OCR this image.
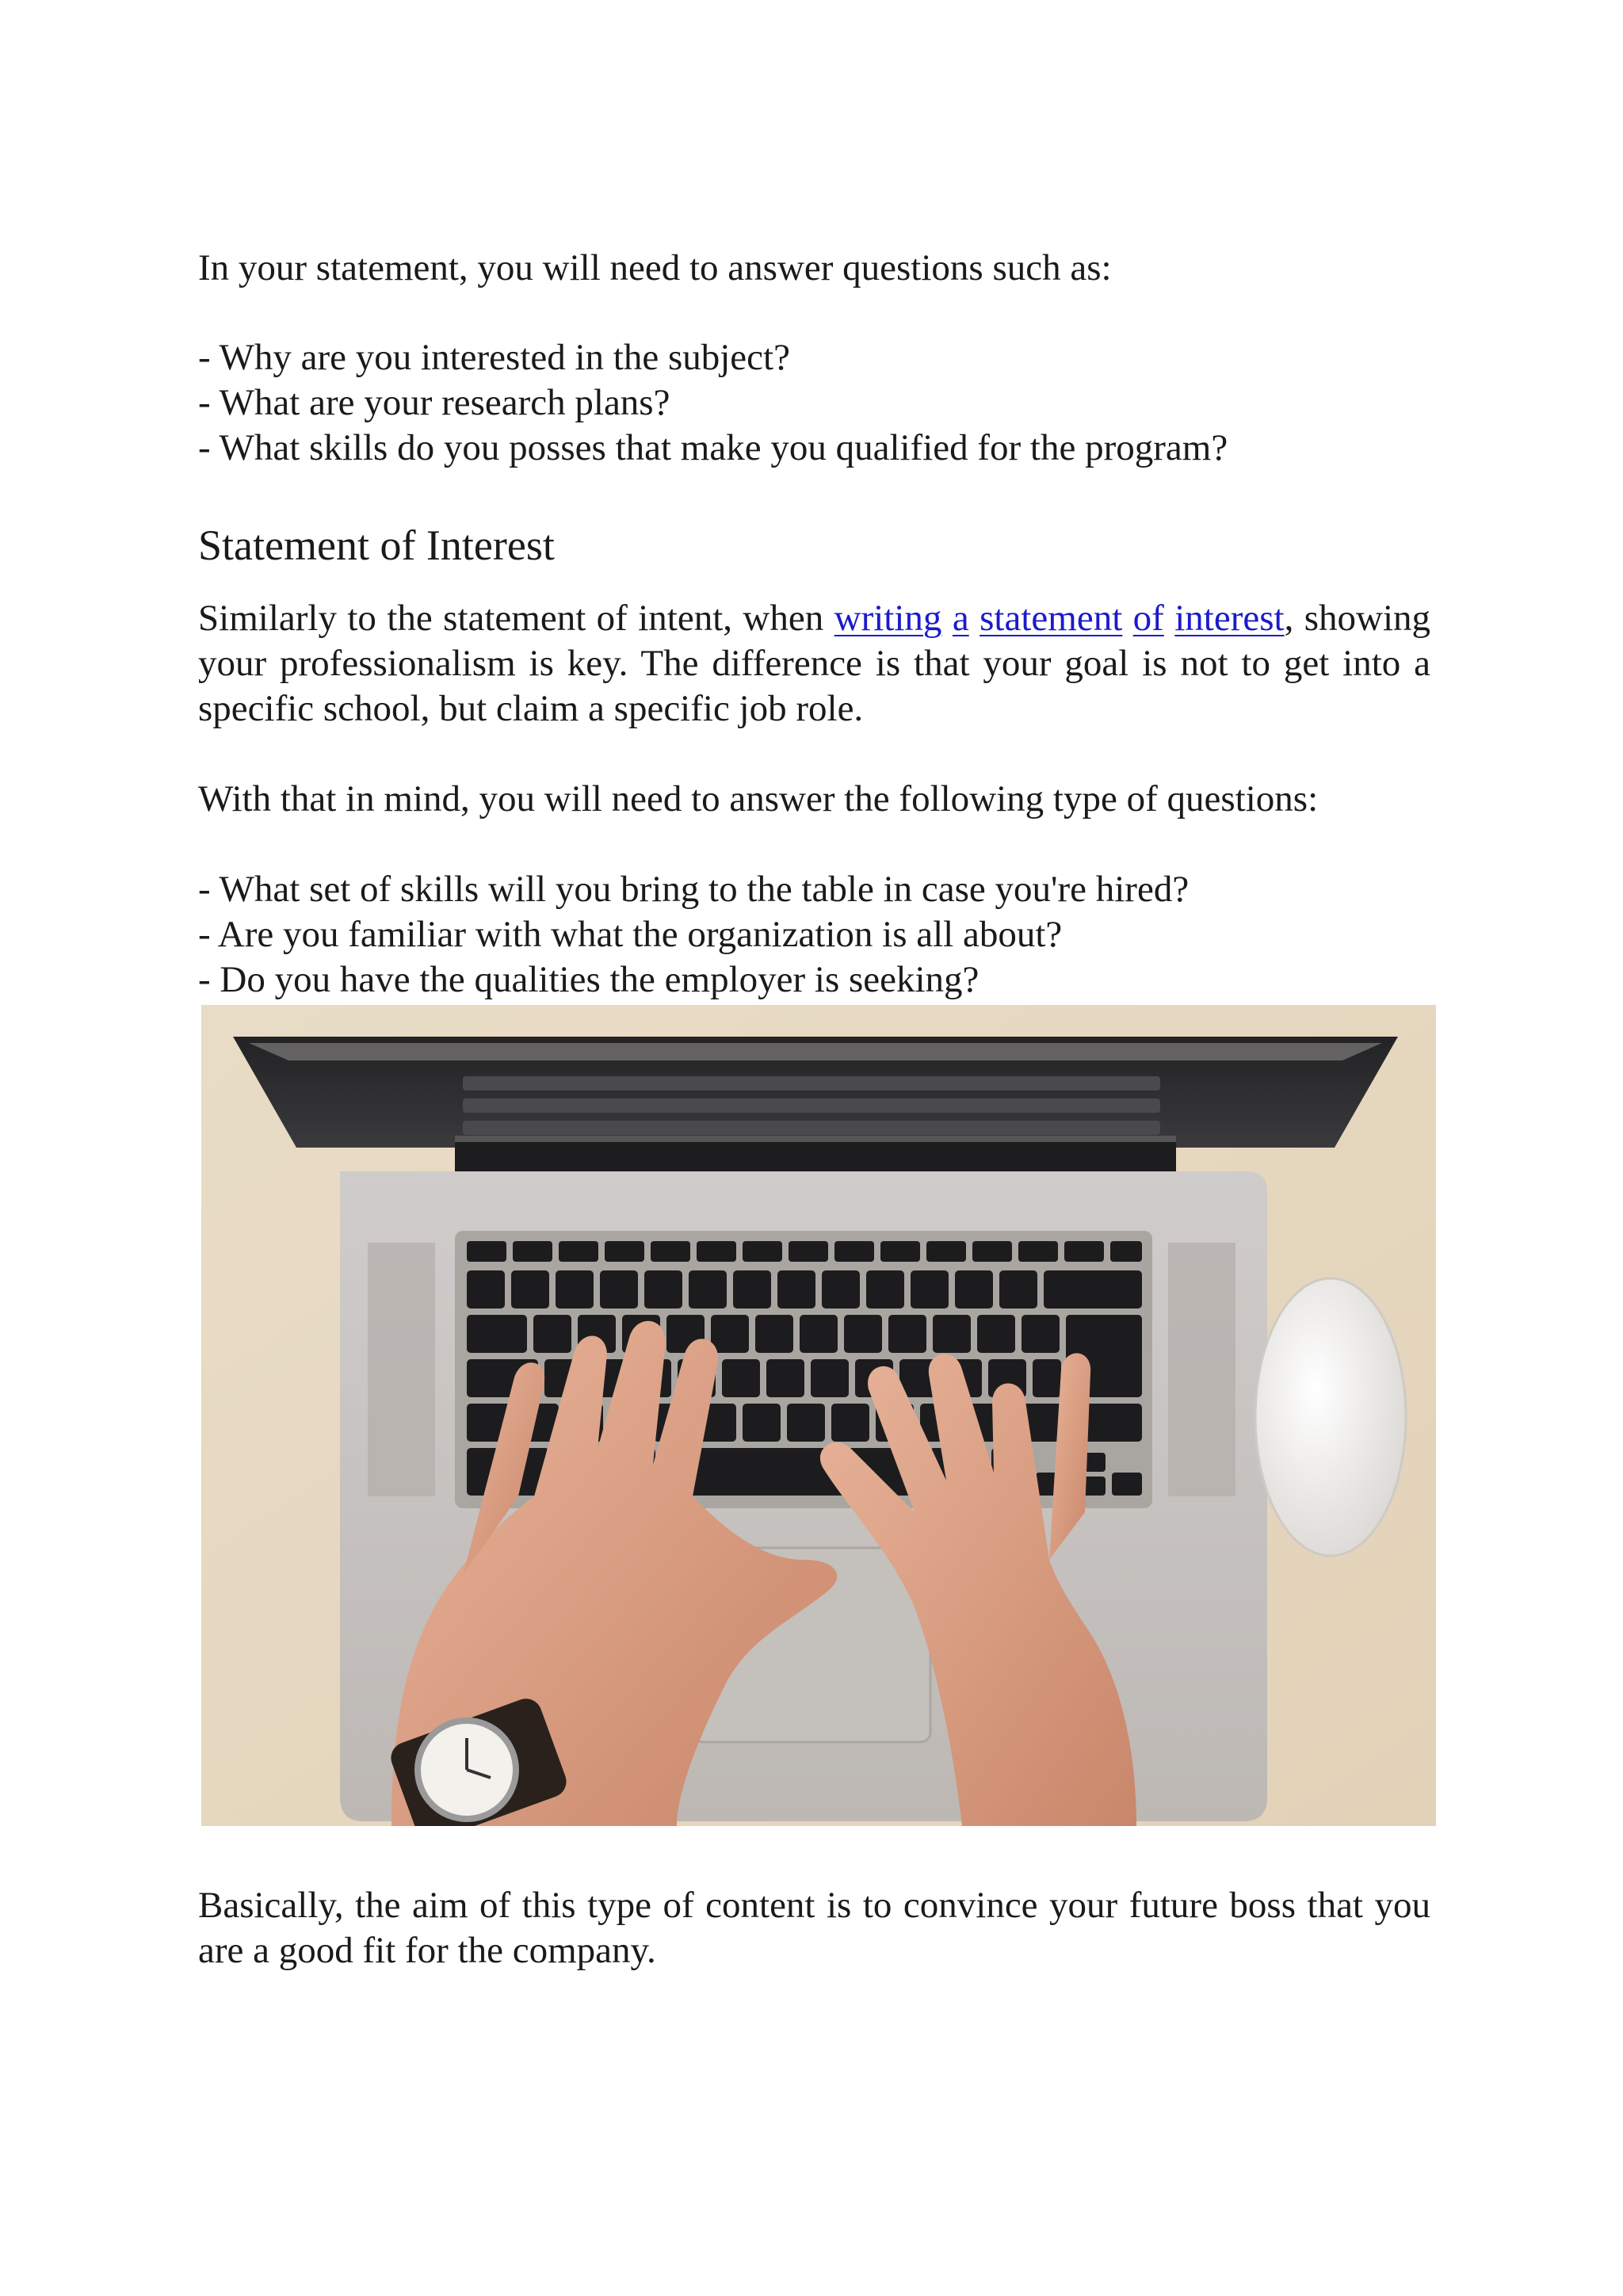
In your statement, you will need to answer questions such as:

- Why are you interested in the subject?
- What are your research plans?
- What skills do you posses that make you qualified for the program?
Statement of Interest

Similarly to the statement of intent, when writing a statement of interest, showing your professionalism is key. The difference is that your goal is not to get into a specific school, but claim a specific job role.

With that in mind, you will need to answer the following type of questions:

- What set of skills will you bring to the table in case you're hired?
- Are you familiar with what the organization is all about?
- Do you have the qualities the employer is seeking?

Basically, the aim of this type of content is to convince your future boss that you are a good fit for the company.
